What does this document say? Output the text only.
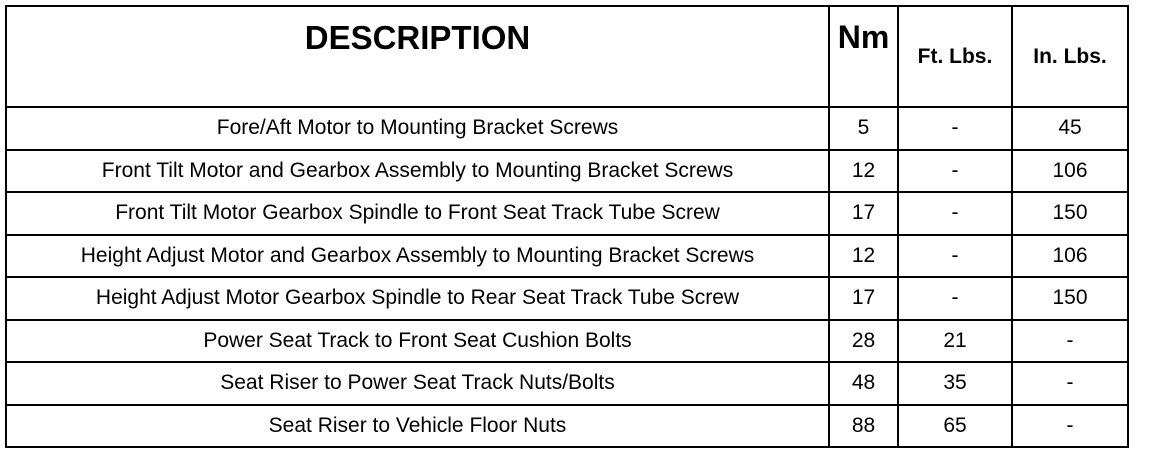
DESCRIPTION	Nm	Ft. Lbs.	In. Lbs.
Fore/Aft Motor to Mounting Bracket Screws	5	-	45
Front Tilt Motor and Gearbox Assembly to Mounting Bracket Screws	12	-	106
Front Tilt Motor Gearbox Spindle to Front Seat Track Tube Screw	17	-	150
Height Adjust Motor and Gearbox Assembly to Mounting Bracket Screws	12	-	106
Height Adjust Motor Gearbox Spindle to Rear Seat Track Tube Screw	17	-	150
Power Seat Track to Front Seat Cushion Bolts	28	21	-
Seat Riser to Power Seat Track Nuts/Bolts	48	35	-
Seat Riser to Vehicle Floor Nuts	88	65	-
